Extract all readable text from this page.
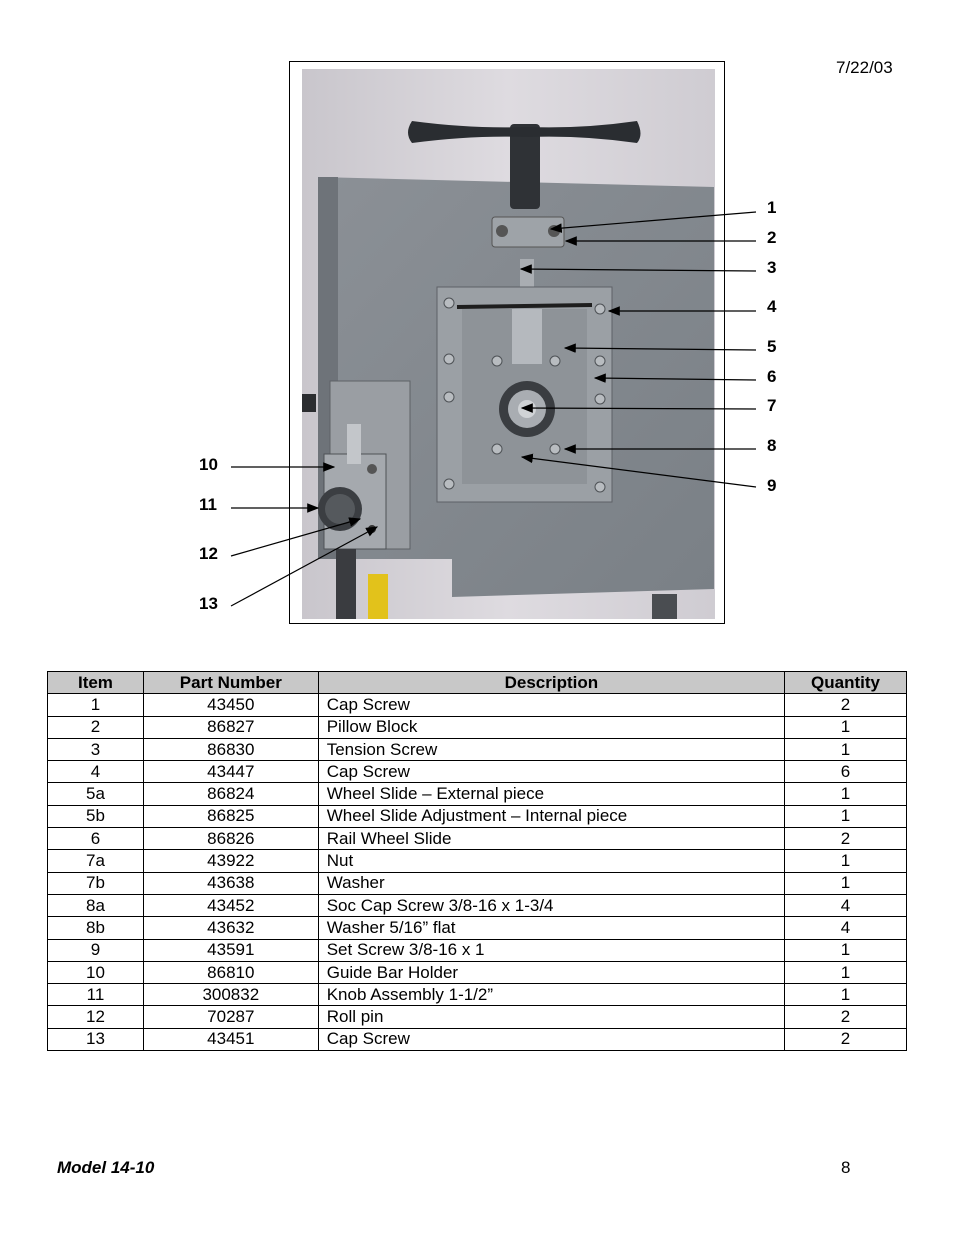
7/22/03
1
2
3
4
5
6
7
8
9
10
11
12
13
Item	Part Number	Description	Quantity
1	43450	Cap Screw	2
2	86827	Pillow Block	1
3	86830	Tension Screw	1
4	43447	Cap Screw	6
5a	86824	Wheel Slide – External piece	1
5b	86825	Wheel Slide Adjustment – Internal piece	1
6	86826	Rail Wheel Slide	2
7a	43922	Nut	1
7b	43638	Washer	1
8a	43452	Soc Cap Screw 3/8-16 x 1-3/4	4
8b	43632	Washer 5/16” flat	4
9	43591	Set Screw 3/8-16 x 1	1
10	86810	Guide Bar Holder	1
11	300832	Knob Assembly 1-1/2”	1
12	70287	Roll pin	2
13	43451	Cap Screw	2
Model 14-10	8
